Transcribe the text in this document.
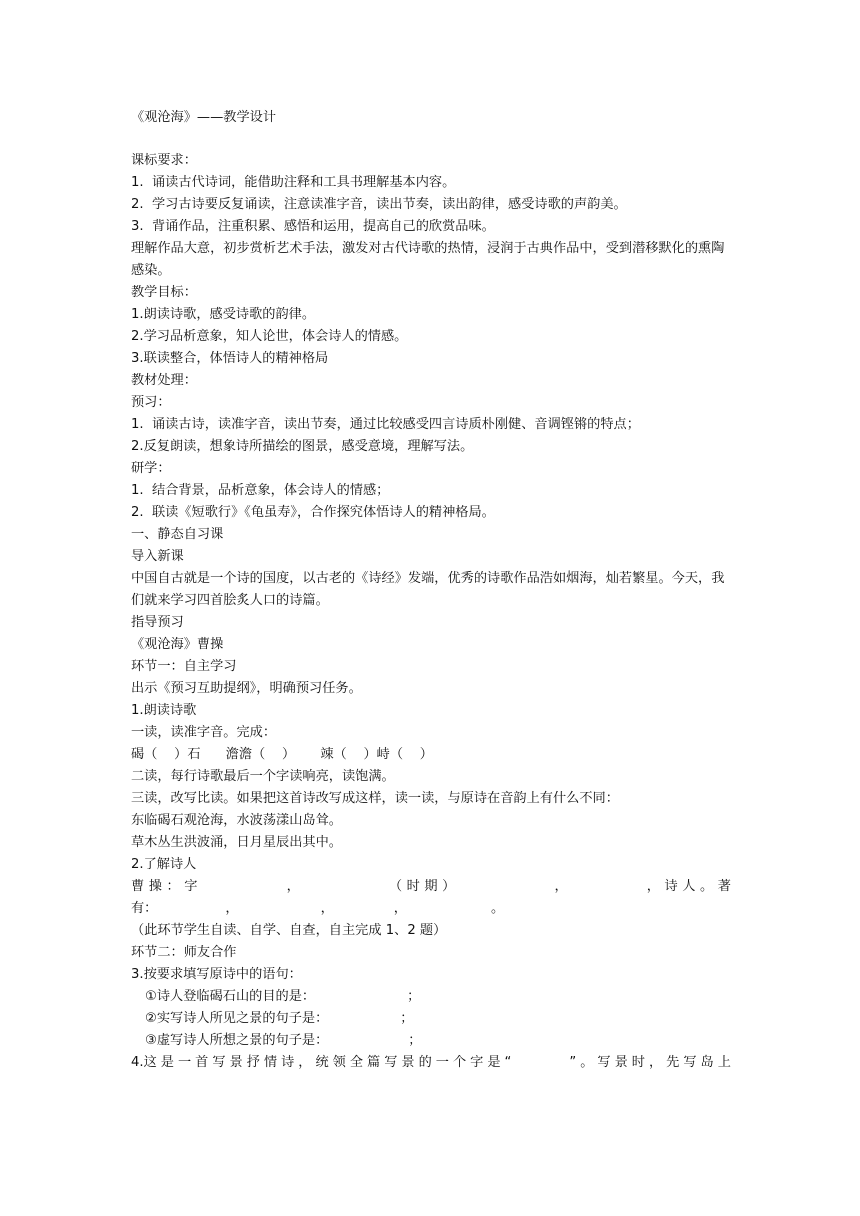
《观沧海》——教学设计
课标要求：
1.  诵读古代诗词，能借助注释和工具书理解基本内容。
2.  学习古诗要反复诵读，注意读准字音，读出节奏，读出韵律，感受诗歌的声韵美。
3.  背诵作品，注重积累、感悟和运用，提高自己的欣赏品味。
理解作品大意，初步赏析艺术手法，激发对古代诗歌的热情，浸润于古典作品中，受到潜移默化的熏陶感染。
教学目标：
1.朗读诗歌，感受诗歌的韵律。
2.学习品析意象，知人论世，体会诗人的情感。
3.联读整合，体悟诗人的精神格局
教材处理：
预习：
1.  诵读古诗，读准字音，读出节奏，通过比较感受四言诗质朴刚健、音调铿锵的特点；
2.反复朗读，想象诗所描绘的图景，感受意境，理解写法。
研学：
1.  结合背景，品析意象，体会诗人的情感；
2.  联读《短歌行》《龟虽寿》，合作探究体悟诗人的精神格局。
一、静态自习课
导入新课
中国自古就是一个诗的国度，以古老的《诗经》发端，优秀的诗歌作品浩如烟海，灿若繁星。今天，我们就来学习四首脍炙人口的诗篇。
指导预习
《观沧海》曹操
环节一：自主学习
出示《预习互助提纲》，明确预习任务。
1.朗读诗歌
一读，读准字音。完成：
碣（    ）石      澹澹（    ）      竦（    ）峙（    ）
二读，每行诗歌最后一个字读响亮，读饱满。
三读，改写比读。如果把这首诗改写成这样，读一读，与原诗在音韵上有什么不同：
东临碣石观沧海，水波荡漾山岛耸。
草木丛生洪波涌，日月星辰出其中。
2.了解诗人
曹 操 ： 字	，	（ 时 期 ）	，	， 诗 人 。 著
有：	，	，	，	。
（此环节学生自读、自学、自查，自主完成 1、2 题）
环节二：师友合作
3.按要求填写原诗中的语句：
①诗人登临碣石山的目的是：	；
②实写诗人所见之景的句子是：	；
③虚写诗人所想之景的句子是：	；
4.这 是 一 首 写 景 抒 情 诗 ， 统 领 全 篇 写 景 的 一 个 字 是 “	” 。 写 景 时 ， 先 写 岛 上
